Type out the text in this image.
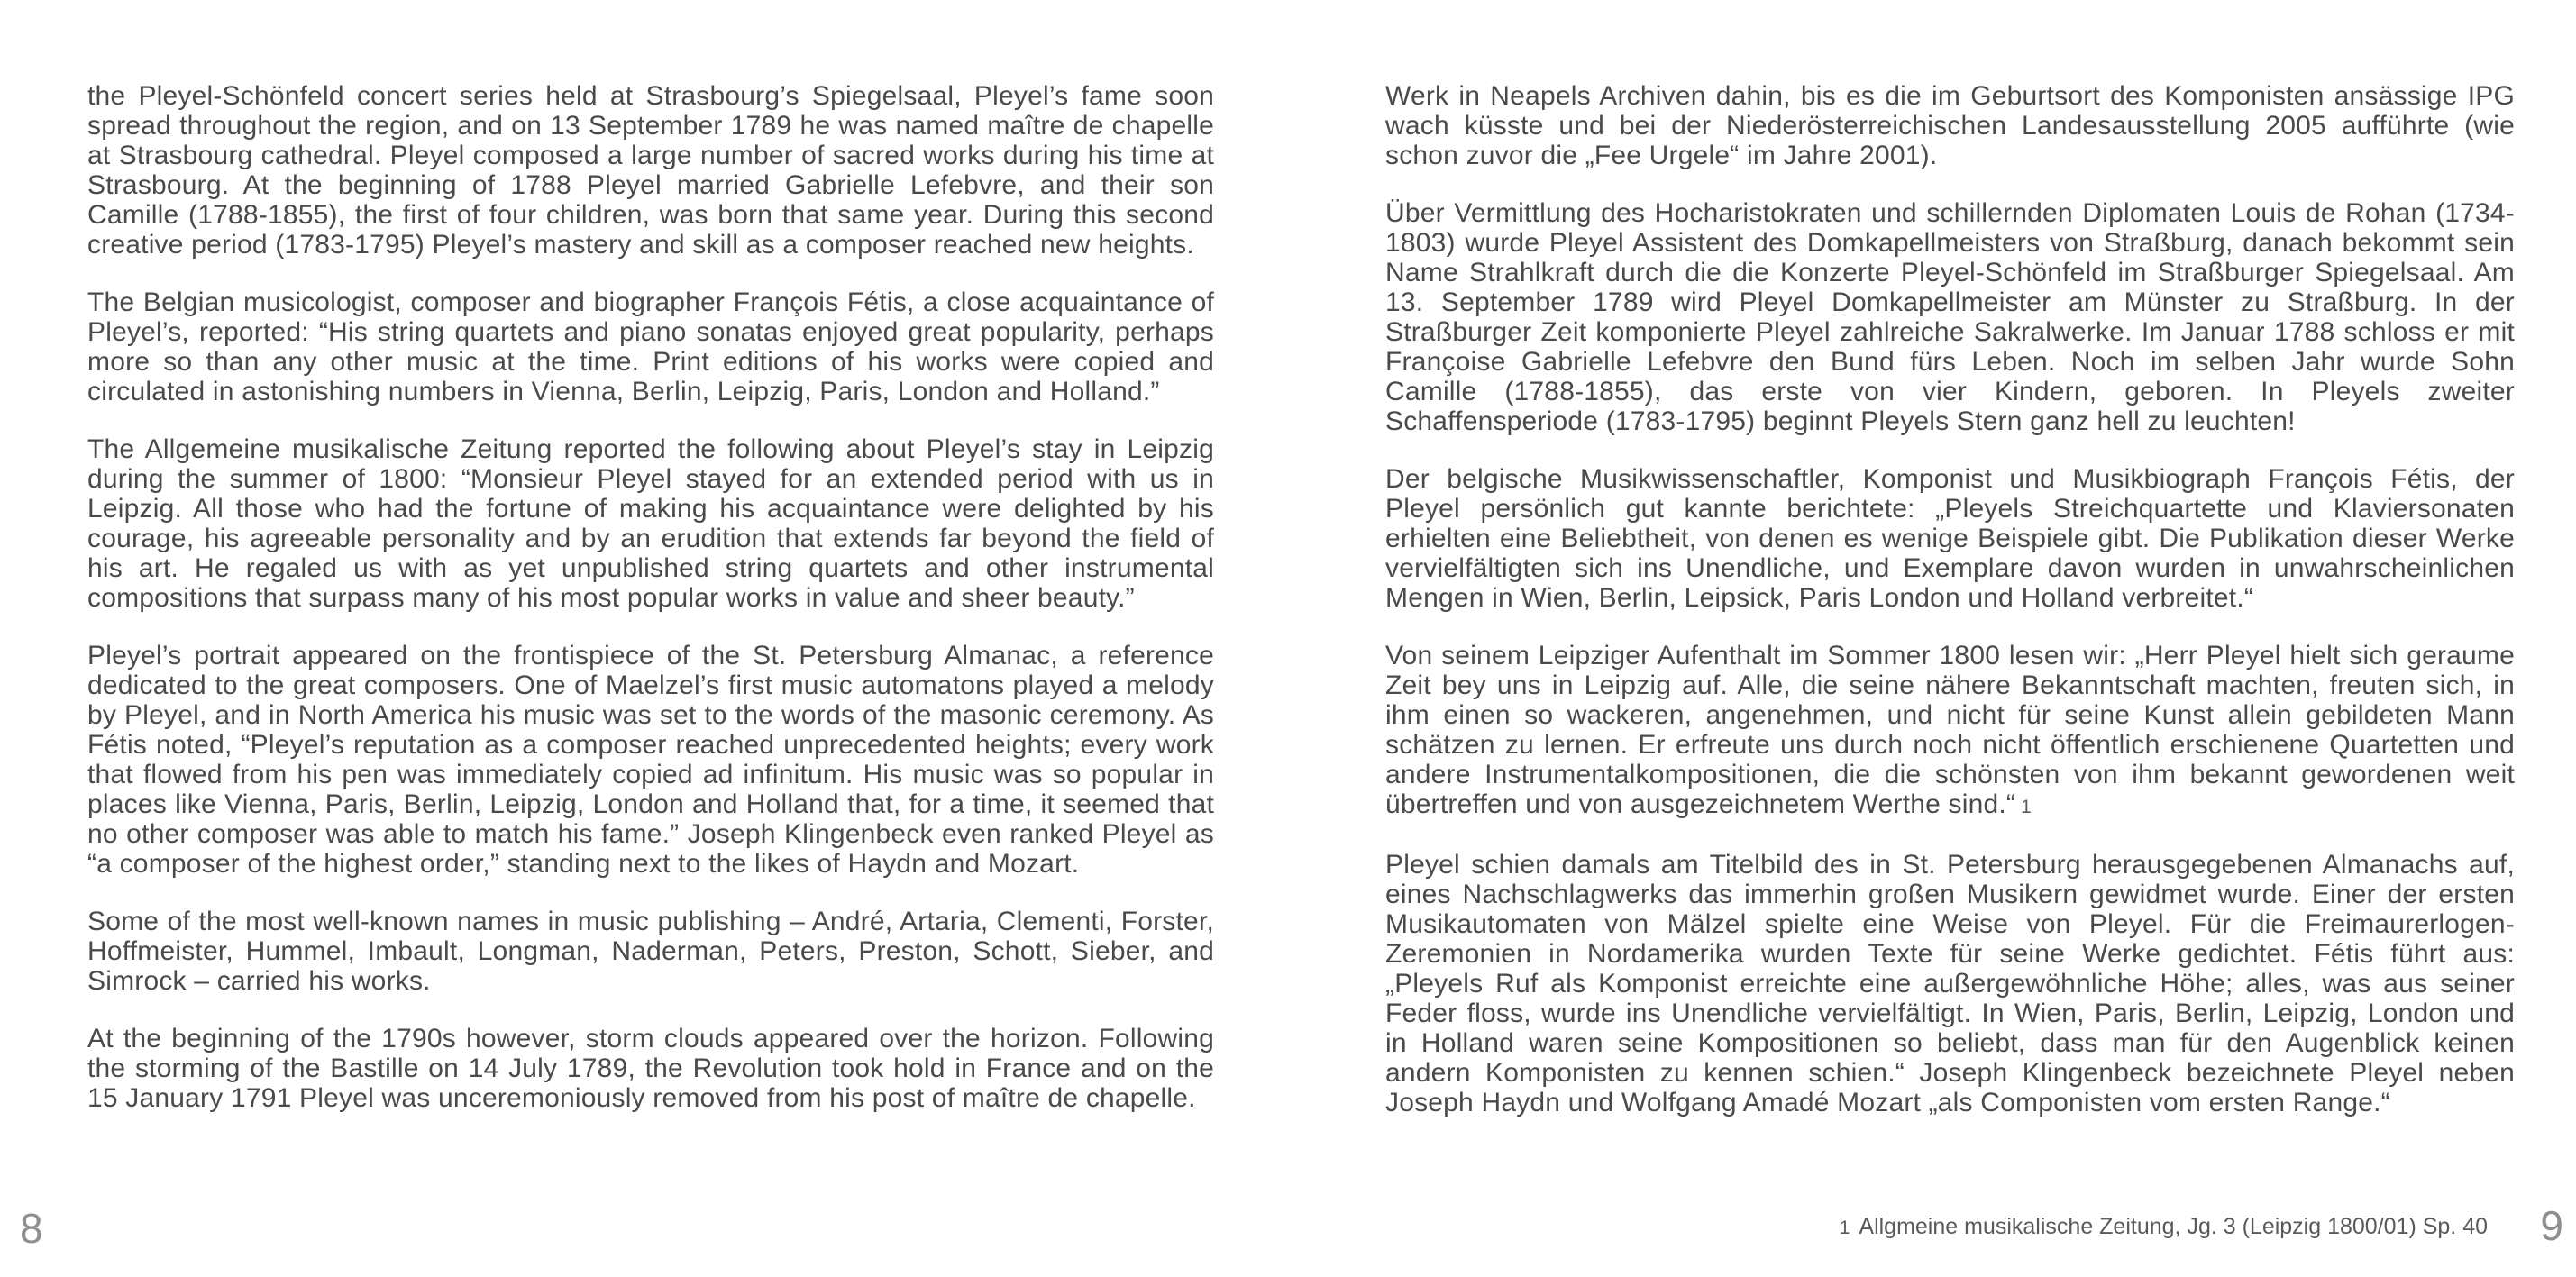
the Pleyel-Schönfeld concert series held at Strasbourg’s Spiegelsaal, Pleyel’s fame soon spread throughout the region, and on 13 September 1789 he was named maître de chapelle at Strasbourg cathedral. Pleyel composed a large number of sacred works during his time at Strasbourg. At the beginning of 1788 Pleyel married Gabrielle Lefebvre, and their son Camille (1788-1855), the first of four children, was born that same year. During this second creative period (1783-1795) Pleyel’s mastery and skill as a composer reached new heights.

The Belgian musicologist, composer and biographer François Fétis, a close acquaintance of Pleyel’s, reported: “His string quartets and piano sonatas enjoyed great popularity, perhaps more so than any other music at the time. Print editions of his works were copied and circulated in astonishing numbers in Vienna, Berlin, Leipzig, Paris, London and Holland.”

The Allgemeine musikalische Zeitung reported the following about Pleyel’s stay in Leipzig during the summer of 1800: “Monsieur Pleyel stayed for an extended period with us in Leipzig. All those who had the fortune of making his acquaintance were delighted by his courage, his agreeable personality and by an erudition that extends far beyond the field of his art. He regaled us with as yet unpublished string quartets and other instrumental compositions that surpass many of his most popular works in value and sheer beauty.”

Pleyel’s portrait appeared on the frontispiece of the St. Petersburg Almanac, a reference dedicated to the great composers. One of Maelzel’s first music automatons played a melody by Pleyel, and in North America his music was set to the words of the masonic ceremony. As Fétis noted, “Pleyel’s reputation as a composer reached unprecedented heights; every work that flowed from his pen was immediately copied ad infinitum. His music was so popular in places like Vienna, Paris, Berlin, Leipzig, London and Holland that, for a time, it seemed that no other composer was able to match his fame.” Joseph Klingenbeck even ranked Pleyel as “a composer of the highest order,” standing next to the likes of Haydn and Mozart.

Some of the most well-known names in music publishing – André, Artaria, Clementi, Forster, Hoffmeister, Hummel, Imbault, Longman, Naderman, Peters, Preston, Schott, Sieber, and Simrock – carried his works.

At the beginning of the 1790s however, storm clouds appeared over the horizon. Following the storming of the Bastille on 14 July 1789, the Revolution took hold in France and on the 15 January 1791 Pleyel was unceremoniously removed from his post of maître de chapelle.

8

Werk in Neapels Archiven dahin, bis es die im Geburtsort des Komponisten ansässige IPG wach küsste und bei der Niederösterreichischen Landesausstellung 2005 aufführte (wie schon zuvor die „Fee Urgele“ im Jahre 2001).

Über Vermittlung des Hocharistokraten und schillernden Diplomaten Louis de Rohan (1734-1803) wurde Pleyel Assistent des Domkapellmeisters von Straßburg, danach bekommt sein Name Strahlkraft durch die die Konzerte Pleyel-Schönfeld im Straßburger Spiegelsaal. Am 13. September 1789 wird Pleyel Domkapellmeister am Münster zu Straßburg. In der Straßburger Zeit komponierte Pleyel zahlreiche Sakralwerke. Im Januar 1788 schloss er mit Françoise Gabrielle Lefebvre den Bund fürs Leben. Noch im selben Jahr wurde Sohn Camille (1788-1855), das erste von vier Kindern, geboren. In Pleyels zweiter Schaffensperiode (1783-1795) beginnt Pleyels Stern ganz hell zu leuchten!

Der belgische Musikwissenschaftler, Komponist und Musikbiograph François Fétis, der Pleyel persönlich gut kannte berichtete: „Pleyels Streichquartette und Klaviersonaten erhielten eine Beliebtheit, von denen es wenige Beispiele gibt. Die Publikation dieser Werke vervielfältigten sich ins Unendliche, und Exemplare davon wurden in unwahrscheinlichen Mengen in Wien, Berlin, Leipsick, Paris London und Holland verbreitet.“

Von seinem Leipziger Aufenthalt im Sommer 1800 lesen wir: „Herr Pleyel hielt sich geraume Zeit bey uns in Leipzig auf. Alle, die seine nähere Bekanntschaft machten, freuten sich, in ihm einen so wackeren, angenehmen, und nicht für seine Kunst allein gebildeten Mann schätzen zu lernen. Er erfreute uns durch noch nicht öffentlich erschienene Quartetten und andere Instrumentalkompositionen, die die schönsten von ihm bekannt gewordenen weit übertreffen und von ausgezeichnetem Werthe sind.“ 1

Pleyel schien damals am Titelbild des in St. Petersburg herausgegebenen Almanachs auf, eines Nachschlagwerks das immerhin großen Musikern gewidmet wurde. Einer der ersten Musikautomaten von Mälzel spielte eine Weise von Pleyel. Für die Freimaurerlogen-Zeremonien in Nordamerika wurden Texte für seine Werke gedichtet. Fétis führt aus: „Pleyels Ruf als Komponist erreichte eine außergewöhnliche Höhe; alles, was aus seiner Feder floss, wurde ins Unendliche vervielfältigt. In Wien, Paris, Berlin, Leipzig, London und in Holland waren seine Kompositionen so beliebt, dass man für den Augenblick keinen andern Komponisten zu kennen schien.“ Joseph Klingenbeck bezeichnete Pleyel neben Joseph Haydn und Wolfgang Amadé Mozart „als Componisten vom ersten Range.“

1 Allgmeine musikalische Zeitung, Jg. 3 (Leipzig 1800/01) Sp. 40 9
